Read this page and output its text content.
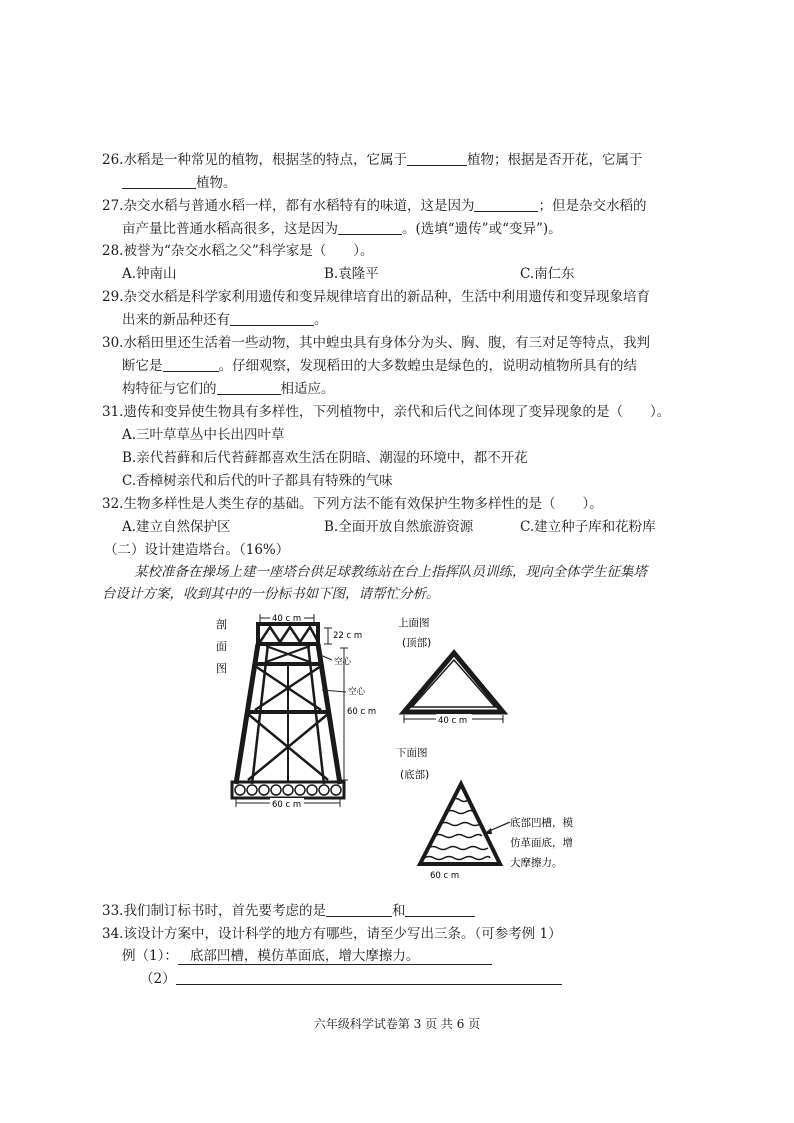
26.水稻是一种常见的植物，根据茎的特点，它属于	植物；根据是否开花，它属于
植物。
27.杂交水稻与普通水稻一样，都有水稻特有的味道，这是因为	；但是杂交水稻的
亩产量比普通水稻高很多，这是因为	。(选填“遗传”或“变异”)。
28.被誉为“杂交水稻之父”科学家是（　　）。
A.钟南山	B.袁隆平	C.南仁东
29.杂交水稻是科学家利用遗传和变异规律培育出的新品种，生活中利用遗传和变异现象培育
出来的新品种还有	。
30.水稻田里还生活着一些动物，其中蝗虫具有身体分为头、胸、腹，有三对足等特点，我判
断它是	。仔细观察，发现稻田的大多数蝗虫是绿色的，说明动植物所具有的结
构特征与它们的	相适应。
31.遗传和变异使生物具有多样性，下列植物中，亲代和后代之间体现了变异现象的是（　　）。
A.三叶草草丛中长出四叶草
B.亲代苔藓和后代苔藓都喜欢生活在阴暗、潮湿的环境中，都不开花
C.香樟树亲代和后代的叶子都具有特殊的气味
32.生物多样性是人类生存的基础。下列方法不能有效保护生物多样性的是（　　）。
A.建立自然保护区	B.全面开放自然旅游资源	C.建立种子库和花粉库
（二）设计建造塔台。（16%）
某校准备在操场上建一座塔台供足球教练站在台上指挥队员训练，现向全体学生征集塔
台设计方案，收到其中的一份标书如下图，请帮忙分析。
剖
面
图
40 c m
60 c m
22 c m
空心
空心
60 c m
上面图
(顶部)
40 c m
下面图
(底部)
60 c m
底部凹槽，模
仿革面底，增
大摩擦力。
33.我们制订标书时，首先要考虑的是	和
34.该设计方案中，设计科学的地方有哪些，请至少写出三条。（可参考例 1）
例（1）： 底部凹槽，模仿革面底，增大摩擦力。
（2）
六年级科学试卷第 3 页 共 6 页
